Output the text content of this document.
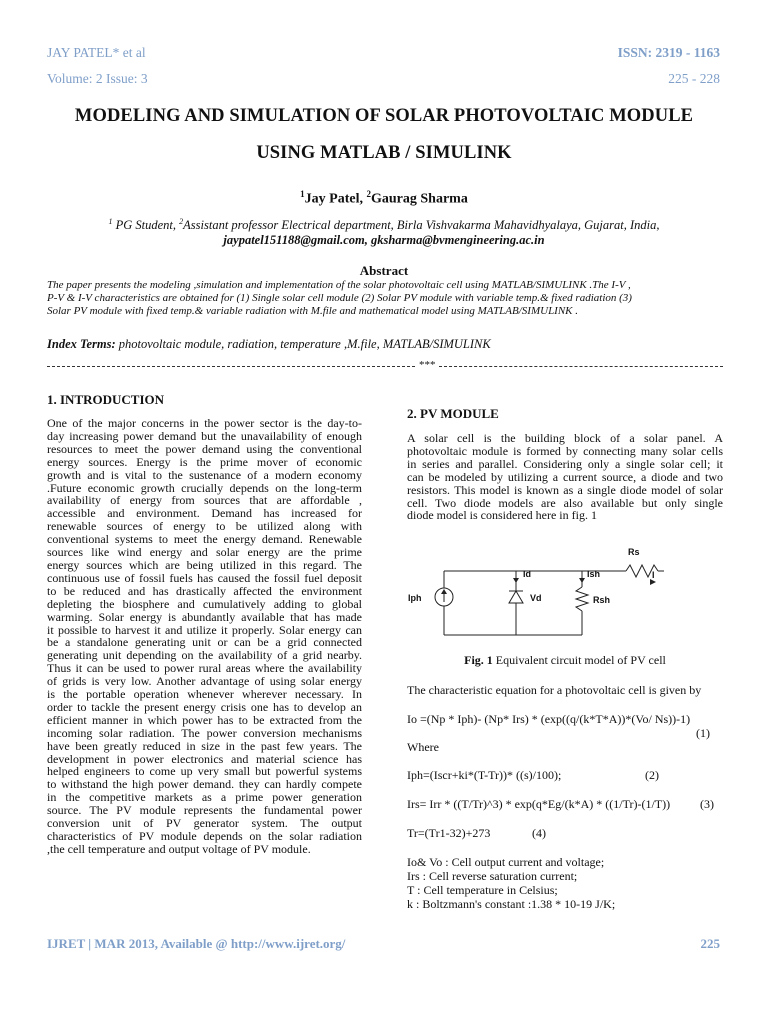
JAY PATEL* et al	ISSN: 2319 - 1163
Volume: 2 Issue: 3	225 - 228
MODELING AND SIMULATION OF SOLAR PHOTOVOLTAIC MODULE
USING MATLAB / SIMULINK
$^1$Jay Patel, $^2$Gaurag Sharma
$^1$ PG Student, $^2$Assistant professor Electrical department, Birla Vishvakarma Mahavidhyalaya, Gujarat, India,
jaypatel151188@gmail.com, gksharma@bvmengineering.ac.in
Abstract
The paper presents the modeling ,simulation and implementation of the solar photovoltaic cell using MATLAB/SIMULINK .The I-V ,
P-V & I-V characteristics are obtained for (1) Single solar cell module (2) Solar PV module with variable temp.& fixed radiation (3)
Solar PV module with fixed temp.& variable radiation with M.file and mathematical model using MATLAB/SIMULINK .
Index Terms: photovoltaic module, radiation, temperature ,M.file, MATLAB/SIMULINK
***
1. INTRODUCTION
One of the major concerns in the power sector is the day-to-
day increasing power demand but the unavailability of enough
resources to meet the power demand using the conventional
energy sources. Energy is the prime mover of economic
growth and is vital to the sustenance of a modern economy
.Future economic growth crucially depends on the long-term
availability of energy from sources that are affordable ,
accessible and environment. Demand has increased for
renewable sources of energy to be utilized along with
conventional systems to meet the energy demand. Renewable
sources like wind energy and solar energy are the prime
energy sources which are being utilized in this regard. The
continuous use of fossil fuels has caused the fossil fuel deposit
to be reduced and has drastically affected the environment
depleting the biosphere and cumulatively adding to global
warming. Solar energy is abundantly available that has made
it possible to harvest it and utilize it properly. Solar energy can
be a standalone generating unit or can be a grid connected
generating unit depending on the availability of a grid nearby.
Thus it can be used to power rural areas where the availability
of grids is very low. Another advantage of using solar energy
is the portable operation whenever wherever necessary. In
order to tackle the present energy crisis one has to develop an
efficient manner in which power has to be extracted from the
incoming solar radiation. The power conversion mechanisms
have been greatly reduced in size in the past few years. The
development in power electronics and material science has
helped engineers to come up very small but powerful systems
to withstand the high power demand. they can hardly compete
in the competitive markets as a prime power generation
source. The PV module represents the fundamental power
conversion unit of PV generator system. The output
characteristics of PV module depends on the solar radiation
,the cell temperature and output voltage of PV module.
2. PV MODULE
A solar cell is the building block of a solar panel. A
photovoltaic module is formed by connecting many solar cells
in series and parallel. Considering only a single solar cell; it
can be modeled by utilizing a current source, a diode and two
resistors. This model is known as a single diode model of solar
cell. Two diode models are also available but only single
diode model is considered here in fig. 1
Rs
I
Id	Ish
Iph	Vd	Rsh
Fig. 1 Equivalent circuit model of PV cell
The characteristic equation for a photovoltaic cell is given by
Io =(Np * Iph)- (Np* Irs) * (exp((q/(k*T*A))*(Vo/ Ns))-1)
(1)
Where
Iph=(Iscr+ki*(T-Tr))* ((s)/100);	(2)
Irs= Irr * ((T/Tr)^3) * exp(q*Eg/(k*A) * ((1/Tr)-(1/T)) (3)
Tr=(Tr1-32)+273	(4)
Io& Vo : Cell output current and voltage;
Irs : Cell reverse saturation current;
T : Cell temperature in Celsius;
k : Boltzmann's constant :1.38 * 10-19 J/K;
IJRET | MAR 2013, Available @ http://www.ijret.org/	225
